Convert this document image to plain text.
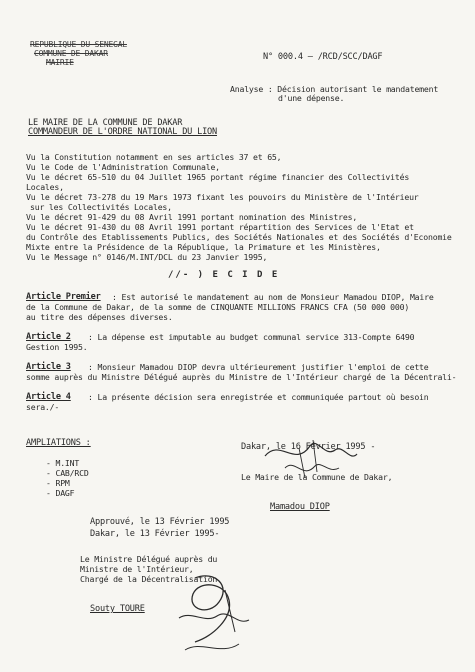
REPUBLIQUE DU SENEGAL
COMMUNE DE DAKAR
MAIRIE
N° 000.4 — /RCD/SCC/DAGF
Analyse : Décision autorisant le mandatement
d'une dépense.
LE MAIRE DE LA COMMUNE DE DAKAR
COMMANDEUR DE L'ORDRE NATIONAL DU LION
Vu la Constitution notamment en ses articles 37 et 65,
Vu le Code de l'Administration Communale,
Vu le décret 65-510 du 04 Juillet 1965 portant régime financier des Collectivités
Locales,
Vu le décret 73-278 du 19 Mars 1973 fixant les pouvoirs du Ministère de l'Intérieur
sur les Collectivités Locales,
Vu le décret 91-429 du 08 Avril 1991 portant nomination des Ministres,
Vu le décret 91-430 du 08 Avril 1991 portant répartition des Services de l'Etat et
du Contrôle des Etablissements Publics, des Sociétés Nationales et des Sociétés d'Economie
Mixte entre la Présidence de la République, la Primature et les Ministères,
Vu le Message n° 0146/M.INT/DCL du 23 Janvier 1995,
//- ) E C I D E
Article Premier : Est autorisé le mandatement au nom de Monsieur Mamadou DIOP, Maire
de la Commune de Dakar, de la somme de CINQUANTE MILLIONS FRANCS CFA (50 000 000)
au titre des dépenses diverses.
Article 2 : La dépense est imputable au budget communal service 313-Compte 6490
Gestion 1995.
Article 3 : Monsieur Mamadou DIOP devra ultérieurement justifier l'emploi de cette
somme auprès du Ministre Délégué auprès du Ministre de l'Intérieur chargé de la Décentrali-
Article 4 : La présente décision sera enregistrée et communiquée partout où besoin
sera./-
AMPLIATIONS :
- M.INT
- CAB/RCD
- RPM
- DAGF
Dakar, le 16 Février 1995 -
Le Maire de la Commune de Dakar,
Mamadou DIOP
Approuvé, le 13 Février 1995
Dakar, le 13 Février 1995-
Le Ministre Délégué auprès du
Ministre de l'Intérieur,
Chargé de la Décentralisation
Souty TOURE
